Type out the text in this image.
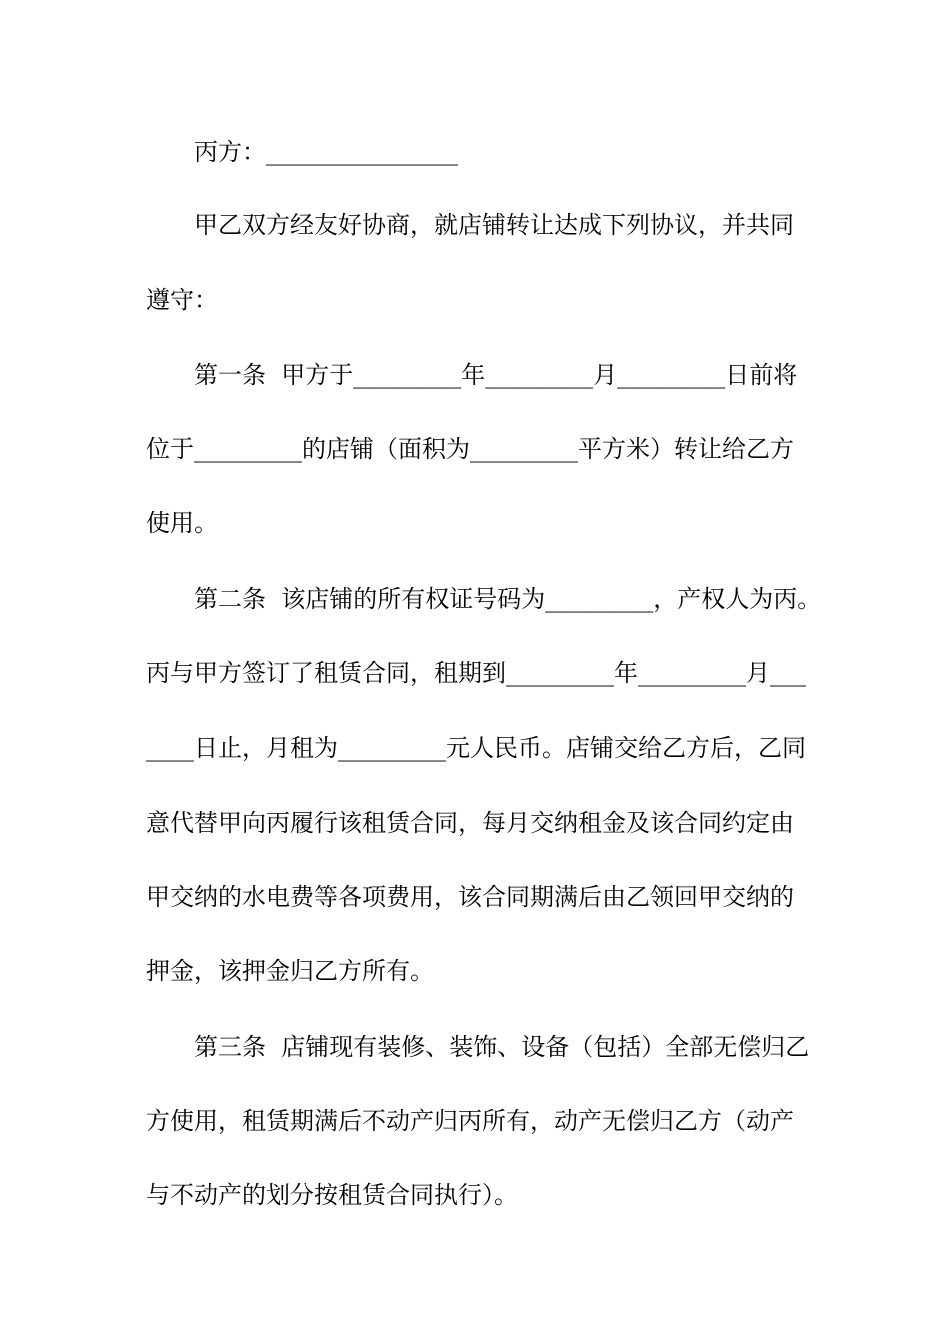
丙方：________________
甲乙双方经友好协商，就店铺转让达成下列协议，并共同
遵守：
第一条  甲方于_________年_________月_________日前将
位于_________的店铺（面积为_________平方米）转让给乙方
使用。
第二条  该店铺的所有权证号码为_________，产权人为丙。
丙与甲方签订了租赁合同，租期到_________年_________月___
____日止，月租为_________元人民币。店铺交给乙方后，乙同
意代替甲向丙履行该租赁合同，每月交纳租金及该合同约定由
甲交纳的水电费等各项费用，该合同期满后由乙领回甲交纳的
押金，该押金归乙方所有。
第三条  店铺现有装修、装饰、设备（包括）全部无偿归乙
方使用，租赁期满后不动产归丙所有，动产无偿归乙方（动产
与不动产的划分按租赁合同执行）。
